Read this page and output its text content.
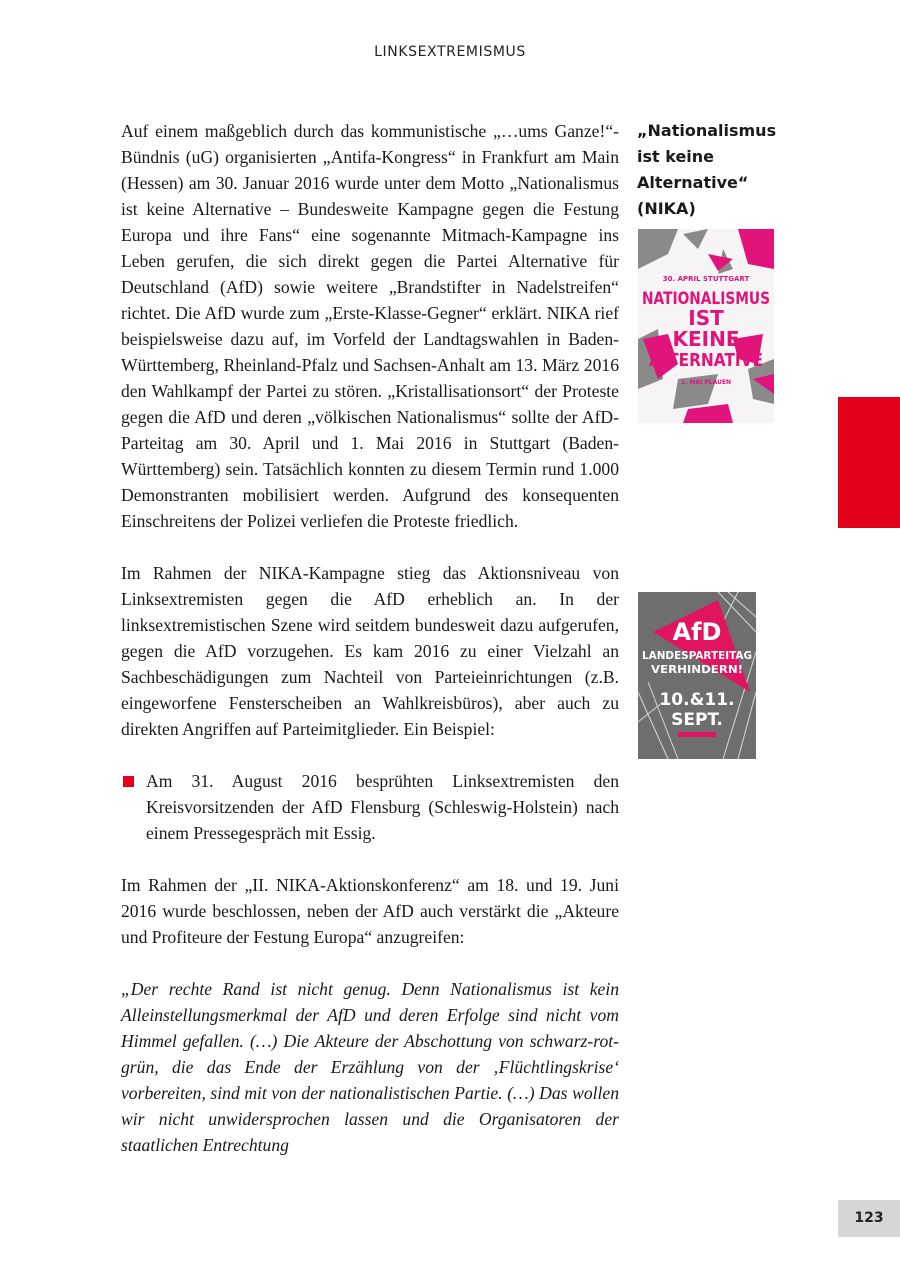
LINKSEXTREMISMUS

Auf einem maßgeblich durch das kommunistische „…ums Ganze!“-Bündnis (uG) organisierten „Antifa-Kongress“ in Frankfurt am Main (Hessen) am 30. Januar 2016 wurde unter dem Motto „Nationalismus ist keine Alternative – Bundesweite Kampagne gegen die Festung Europa und ihre Fans“ eine sogenannte Mitmach-Kampagne ins Leben gerufen, die sich direkt gegen die Partei Alternative für Deutschland (AfD) sowie weitere „Brandstifter in Nadelstreifen“ richtet. Die AfD wurde zum „Erste-Klasse-Gegner“ erklärt. NIKA rief beispielsweise dazu auf, im Vorfeld der Landtagswahlen in Baden-Württemberg, Rheinland-Pfalz und Sachsen-Anhalt am 13. März 2016 den Wahlkampf der Partei zu stören. „Kristallisationsort“ der Proteste gegen die AfD und deren „völkischen Nationalismus“ sollte der AfD-Parteitag am 30. April und 1. Mai 2016 in Stuttgart (Baden-Württemberg) sein. Tatsächlich konnten zu diesem Termin rund 1.000 Demonstranten mobilisiert werden. Aufgrund des konsequenten Einschreitens der Polizei verliefen die Proteste friedlich.

Im Rahmen der NIKA-Kampagne stieg das Aktionsniveau von Linksextremisten gegen die AfD erheblich an. In der linksextremistischen Szene wird seitdem bundesweit dazu aufgerufen, gegen die AfD vorzugehen. Es kam 2016 zu einer Vielzahl an Sachbeschädigungen zum Nachteil von Parteieinrichtungen (z.B. eingeworfene Fensterscheiben an Wahlkreisbüros), aber auch zu direkten Angriffen auf Parteimitglieder. Ein Beispiel:

Am 31. August 2016 besprühten Linksextremisten den Kreisvorsitzenden der AfD Flensburg (Schleswig-Holstein) nach einem Pressegespräch mit Essig.

Im Rahmen der „II. NIKA-Aktionskonferenz“ am 18. und 19. Juni 2016 wurde beschlossen, neben der AfD auch verstärkt die „Akteure und Profiteure der Festung Europa“ anzugreifen:

„Der rechte Rand ist nicht genug. Denn Nationalismus ist kein Alleinstellungsmerkmal der AfD und deren Erfolge sind nicht vom Himmel gefallen. (…) Die Akteure der Abschottung von schwarz-rot-grün, die das Ende der Erzählung von der ‚Flüchtlingskrise‘ vorbereiten, sind mit von der nationalistischen Partie. (…) Das wollen wir nicht unwidersprochen lassen und die Organisatoren der staatlichen Entrechtung

„Nationalismus ist keine Alternative“ (NIKA)
30. APRIL STUTTGART
NATIONALISMUS
IST
KEINE
ALTERNATIVE
1. MAI PLAUEN
AfD
LANDESPARTEITAG
VERHINDERN!
10.&11.
SEPT.
123
